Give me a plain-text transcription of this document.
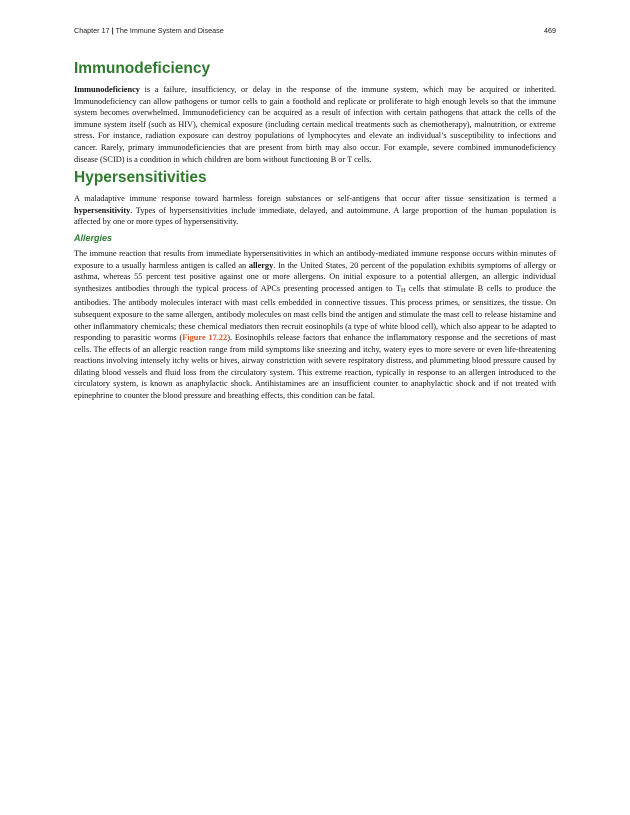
Chapter 17 | The Immune System and Disease	469
Immunodeficiency

Immunodeficiency is a failure, insufficiency, or delay in the response of the immune system, which may be acquired or inherited. Immunodeficiency can allow pathogens or tumor cells to gain a foothold and replicate or proliferate to high enough levels so that the immune system becomes overwhelmed. Immunodeficiency can be acquired as a result of infection with certain pathogens that attack the cells of the immune system itself (such as HIV), chemical exposure (including certain medical treatments such as chemotherapy), malnutrition, or extreme stress. For instance, radiation exposure can destroy populations of lymphocytes and elevate an individual’s susceptibility to infections and cancer. Rarely, primary immunodeficiencies that are present from birth may also occur. For example, severe combined immunodeficiency disease (SCID) is a condition in which children are born without functioning B or T cells.

Hypersensitivities

A maladaptive immune response toward harmless foreign substances or self-antigens that occur after tissue sensitization is termed a hypersensitivity. Types of hypersensitivities include immediate, delayed, and autoimmune. A large proportion of the human population is affected by one or more types of hypersensitivity.

Allergies

The immune reaction that results from immediate hypersensitivities in which an antibody-mediated immune response occurs within minutes of exposure to a usually harmless antigen is called an allergy. In the United States, 20 percent of the population exhibits symptoms of allergy or asthma, whereas 55 percent test positive against one or more allergens. On initial exposure to a potential allergen, an allergic individual synthesizes antibodies through the typical process of APCs presenting processed antigen to $T_H$ cells that stimulate B cells to produce the antibodies. The antibody molecules interact with mast cells embedded in connective tissues. This process primes, or sensitizes, the tissue. On subsequent exposure to the same allergen, antibody molecules on mast cells bind the antigen and stimulate the mast cell to release histamine and other inflammatory chemicals; these chemical mediators then recruit eosinophils (a type of white blood cell), which also appear to be adapted to responding to parasitic worms (Figure 17.22). Eosinophils release factors that enhance the inflammatory response and the secretions of mast cells. The effects of an allergic reaction range from mild symptoms like sneezing and itchy, watery eyes to more severe or even life-threatening reactions involving intensely itchy welts or hives, airway constriction with severe respiratory distress, and plummeting blood pressure caused by dilating blood vessels and fluid loss from the circulatory system. This extreme reaction, typically in response to an allergen introduced to the circulatory system, is known as anaphylactic shock. Antihistamines are an insufficient counter to anaphylactic shock and if not treated with epinephrine to counter the blood pressure and breathing effects, this condition can be fatal.
